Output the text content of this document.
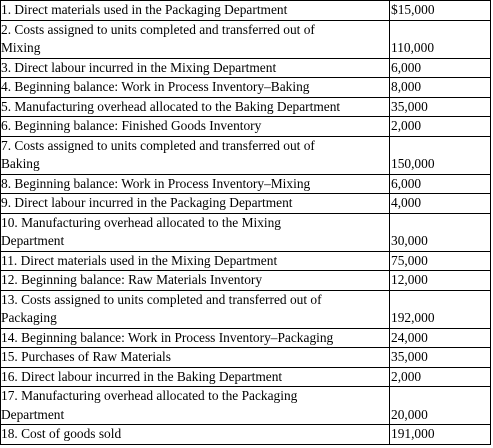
1. Direct materials used in the Packaging Department	$15,000

2. Costs assigned to units completed and transferred out of
Mixing	110,000

3. Direct labour incurred in the Mixing Department	6,000

4. Beginning balance: Work in Process Inventory–Baking	8,000

5. Manufacturing overhead allocated to the Baking Department	35,000

6. Beginning balance: Finished Goods Inventory	2,000

7. Costs assigned to units completed and transferred out of
Baking	150,000

8. Beginning balance: Work in Process Inventory–Mixing	6,000

9. Direct labour incurred in the Packaging Department	4,000

10. Manufacturing overhead allocated to the Mixing
Department	30,000

11. Direct materials used in the Mixing Department	75,000

12. Beginning balance: Raw Materials Inventory	12,000

13. Costs assigned to units completed and transferred out of
Packaging	192,000

14. Beginning balance: Work in Process Inventory–Packaging	24,000

15. Purchases of Raw Materials	35,000

16. Direct labour incurred in the Baking Department	2,000

17. Manufacturing overhead allocated to the Packaging
Department	20,000

18. Cost of goods sold	191,000
